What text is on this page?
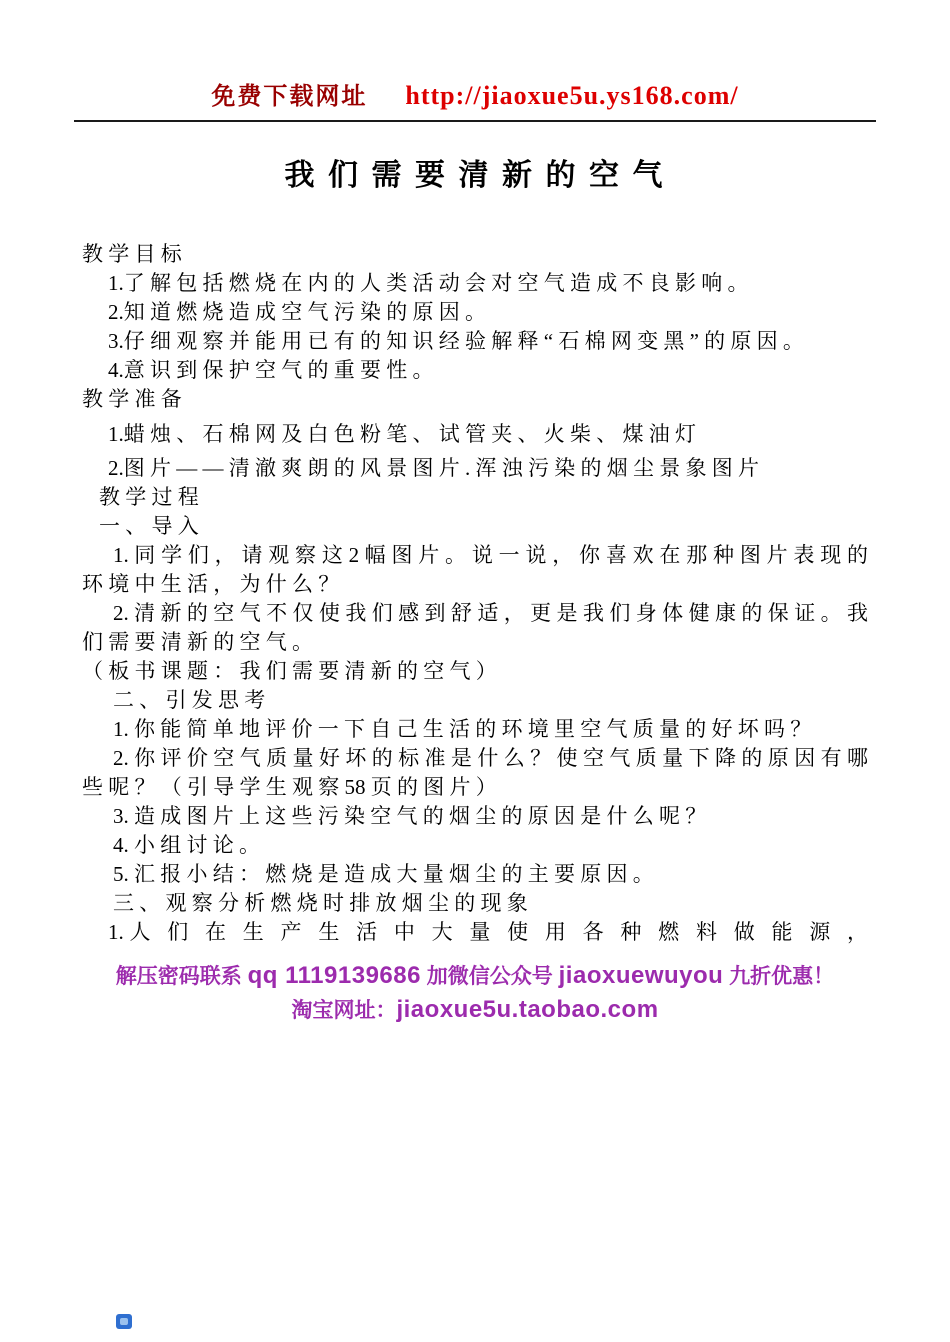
免费下载网址 http://jiaoxue5u.ys168.com/
我 们 需 要 清 新 的 空 气

教 学 目 标

1.了 解 包 括 燃 烧 在 内 的 人 类 活 动 会 对 空 气 造 成 不 良 影 响 。

2.知 道 燃 烧 造 成 空 气 污 染 的 原 因 。

3.仔 细 观 察 并 能 用 已 有 的 知 识 经 验 解 释 “ 石 棉 网 变 黑 ” 的 原 因 。

4.意 识 到 保 护 空 气 的 重 要 性 。

教 学 准 备

1.蜡 烛 、 石 棉 网 及 白 色 粉 笔 、 试 管 夹 、 火 柴 、 煤 油 灯

2.图 片 — — 清 澈 爽 朗 的 风 景 图 片 . 浑 浊 污 染 的 烟 尘 景 象 图 片

教 学 过 程

一 、 导 入

1. 同 学 们 ， 请 观 察 这 2 幅 图 片 。 说 一 说 ， 你 喜 欢 在 那 种 图 片 表 现 的 环 境 中 生 活 ， 为 什 么 ？

2. 清 新 的 空 气 不 仅 使 我 们 感 到 舒 适 ， 更 是 我 们 身 体 健 康 的 保 证 。 我 们 需 要 清 新 的 空 气 。

（ 板 书 课 题 ： 我 们 需 要 清 新 的 空 气 ）

二 、 引 发 思 考

1. 你 能 简 单 地 评 价 一 下 自 己 生 活 的 环 境 里 空 气 质 量 的 好 坏 吗 ？

2. 你 评 价 空 气 质 量 好 坏 的 标 准 是 什 么 ？ 使 空 气 质 量 下 降 的 原 因 有 哪 些 呢 ？ （ 引 导 学 生 观 察 58 页 的 图 片 ）

3. 造 成 图 片 上 这 些 污 染 空 气 的 烟 尘 的 原 因 是 什 么 呢 ？

4. 小 组 讨 论 。

5. 汇 报 小 结 ： 燃 烧 是 造 成 大 量 烟 尘 的 主 要 原 因 。

三 、 观 察 分 析 燃 烧 时 排 放 烟 尘 的 现 象

1.人 们 在 生 产 生 活 中 大 量 使 用 各 种 燃 料 做 能 源 ，

解压密码联系 qq 1119139686 加微信公众号 jiaoxuewuyou 九折优惠！

淘宝网址：jiaoxue5u.taobao.com
